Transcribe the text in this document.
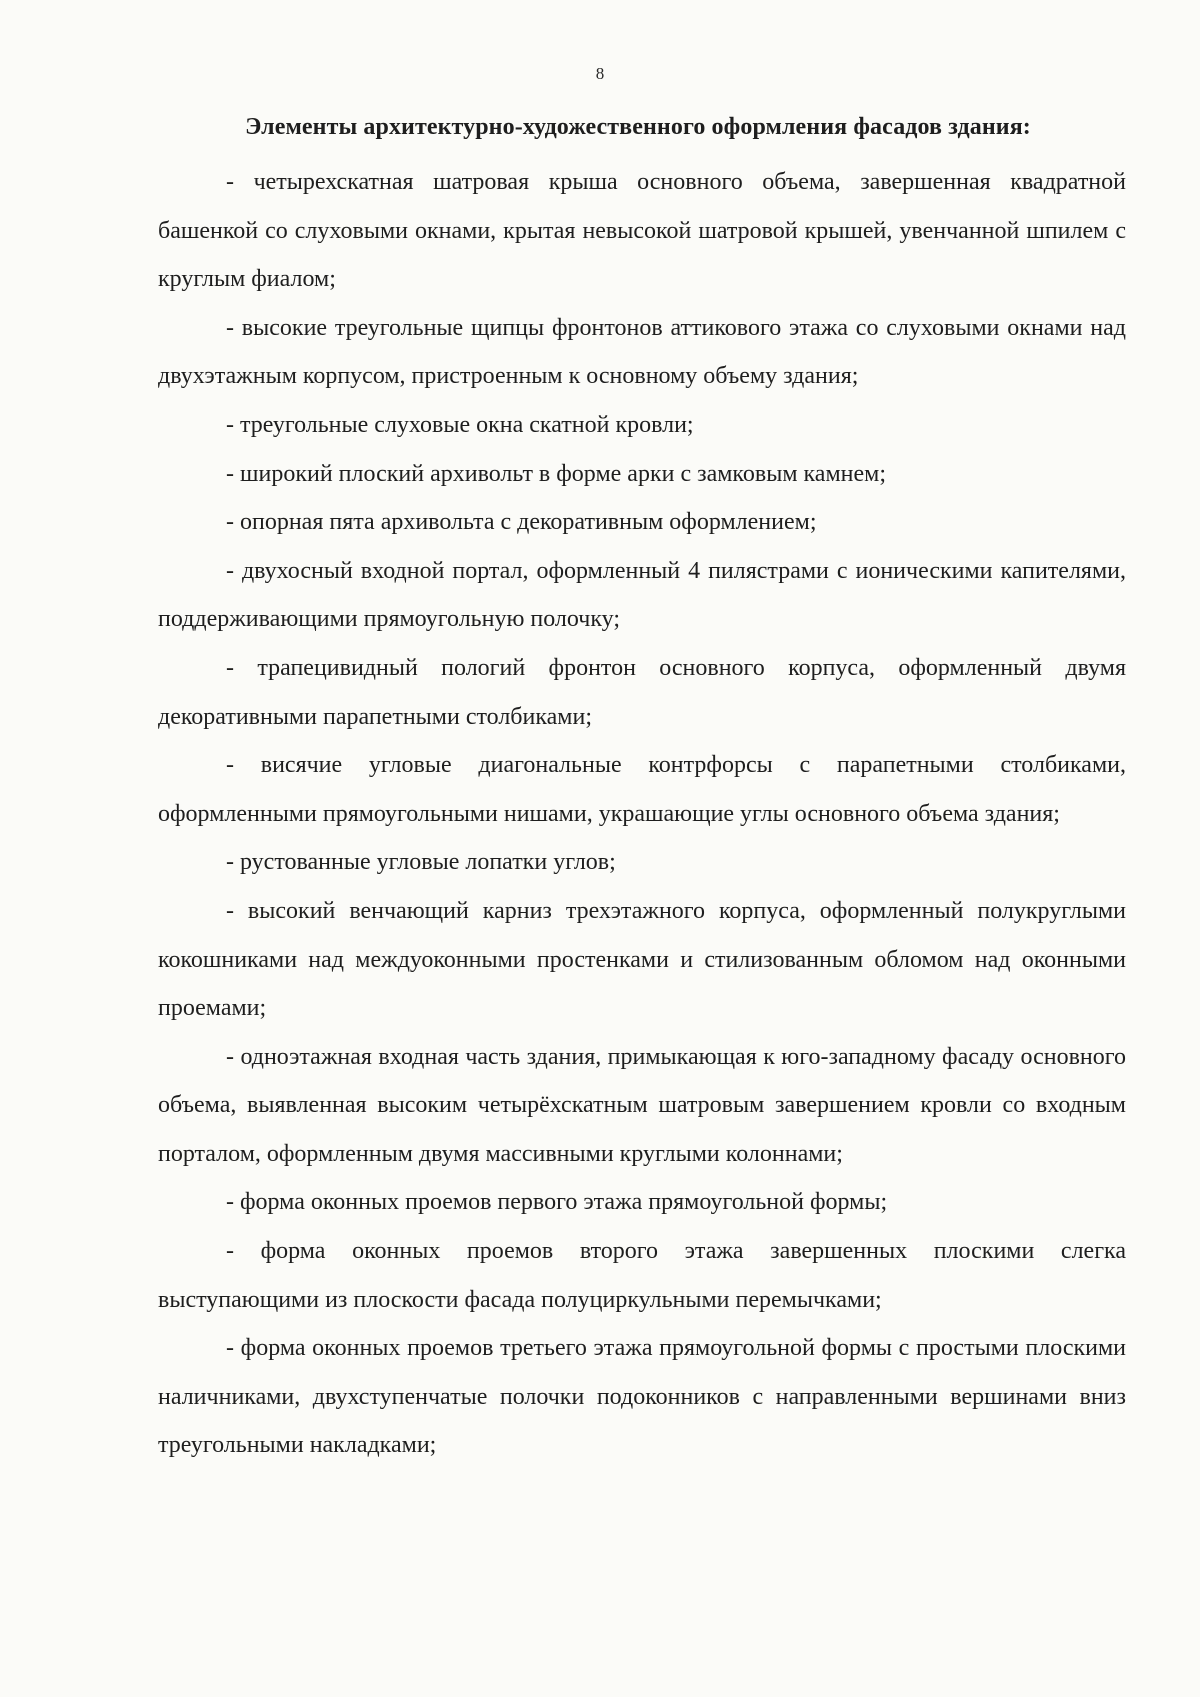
8
Элементы архитектурно-художественного оформления фасадов здания:

- четырехскатная шатровая крыша основного объема, завершенная квадратной башенкой со слуховыми окнами, крытая невысокой шатровой крышей, увенчанной шпилем с круглым фиалом;

- высокие треугольные щипцы фронтонов аттикового этажа со слуховыми окнами над двухэтажным корпусом, пристроенным к основному объему здания;

- треугольные слуховые окна скатной кровли;

- широкий плоский архивольт в форме арки с замковым камнем;

- опорная пята архивольта с декоративным оформлением;

- двухосный входной портал, оформленный 4 пилястрами с ионическими капителями, поддерживающими прямоугольную полочку;

- трапецивидный пологий фронтон основного корпуса, оформленный двумя декоративными парапетными столбиками;

- висячие угловые диагональные контрфорсы с парапетными столбиками, оформленными прямоугольными нишами, украшающие углы основного объема здания;

- рустованные угловые лопатки углов;

- высокий венчающий карниз трехэтажного корпуса, оформленный полукруглыми кокошниками над междуоконными простенками и стилизованным обломом над оконными проемами;

- одноэтажная входная часть здания, примыкающая к юго-западному фасаду основного объема, выявленная высоким четырёхскатным шатровым завершением кровли со входным порталом, оформленным двумя массивными круглыми колоннами;

- форма оконных проемов первого этажа прямоугольной формы;

- форма оконных проемов второго этажа завершенных плоскими слегка выступающими из плоскости фасада полуциркульными перемычками;

- форма оконных проемов третьего этажа прямоугольной формы с простыми плоскими наличниками, двухступенчатые полочки подоконников с направленными вершинами вниз треугольными накладками;
